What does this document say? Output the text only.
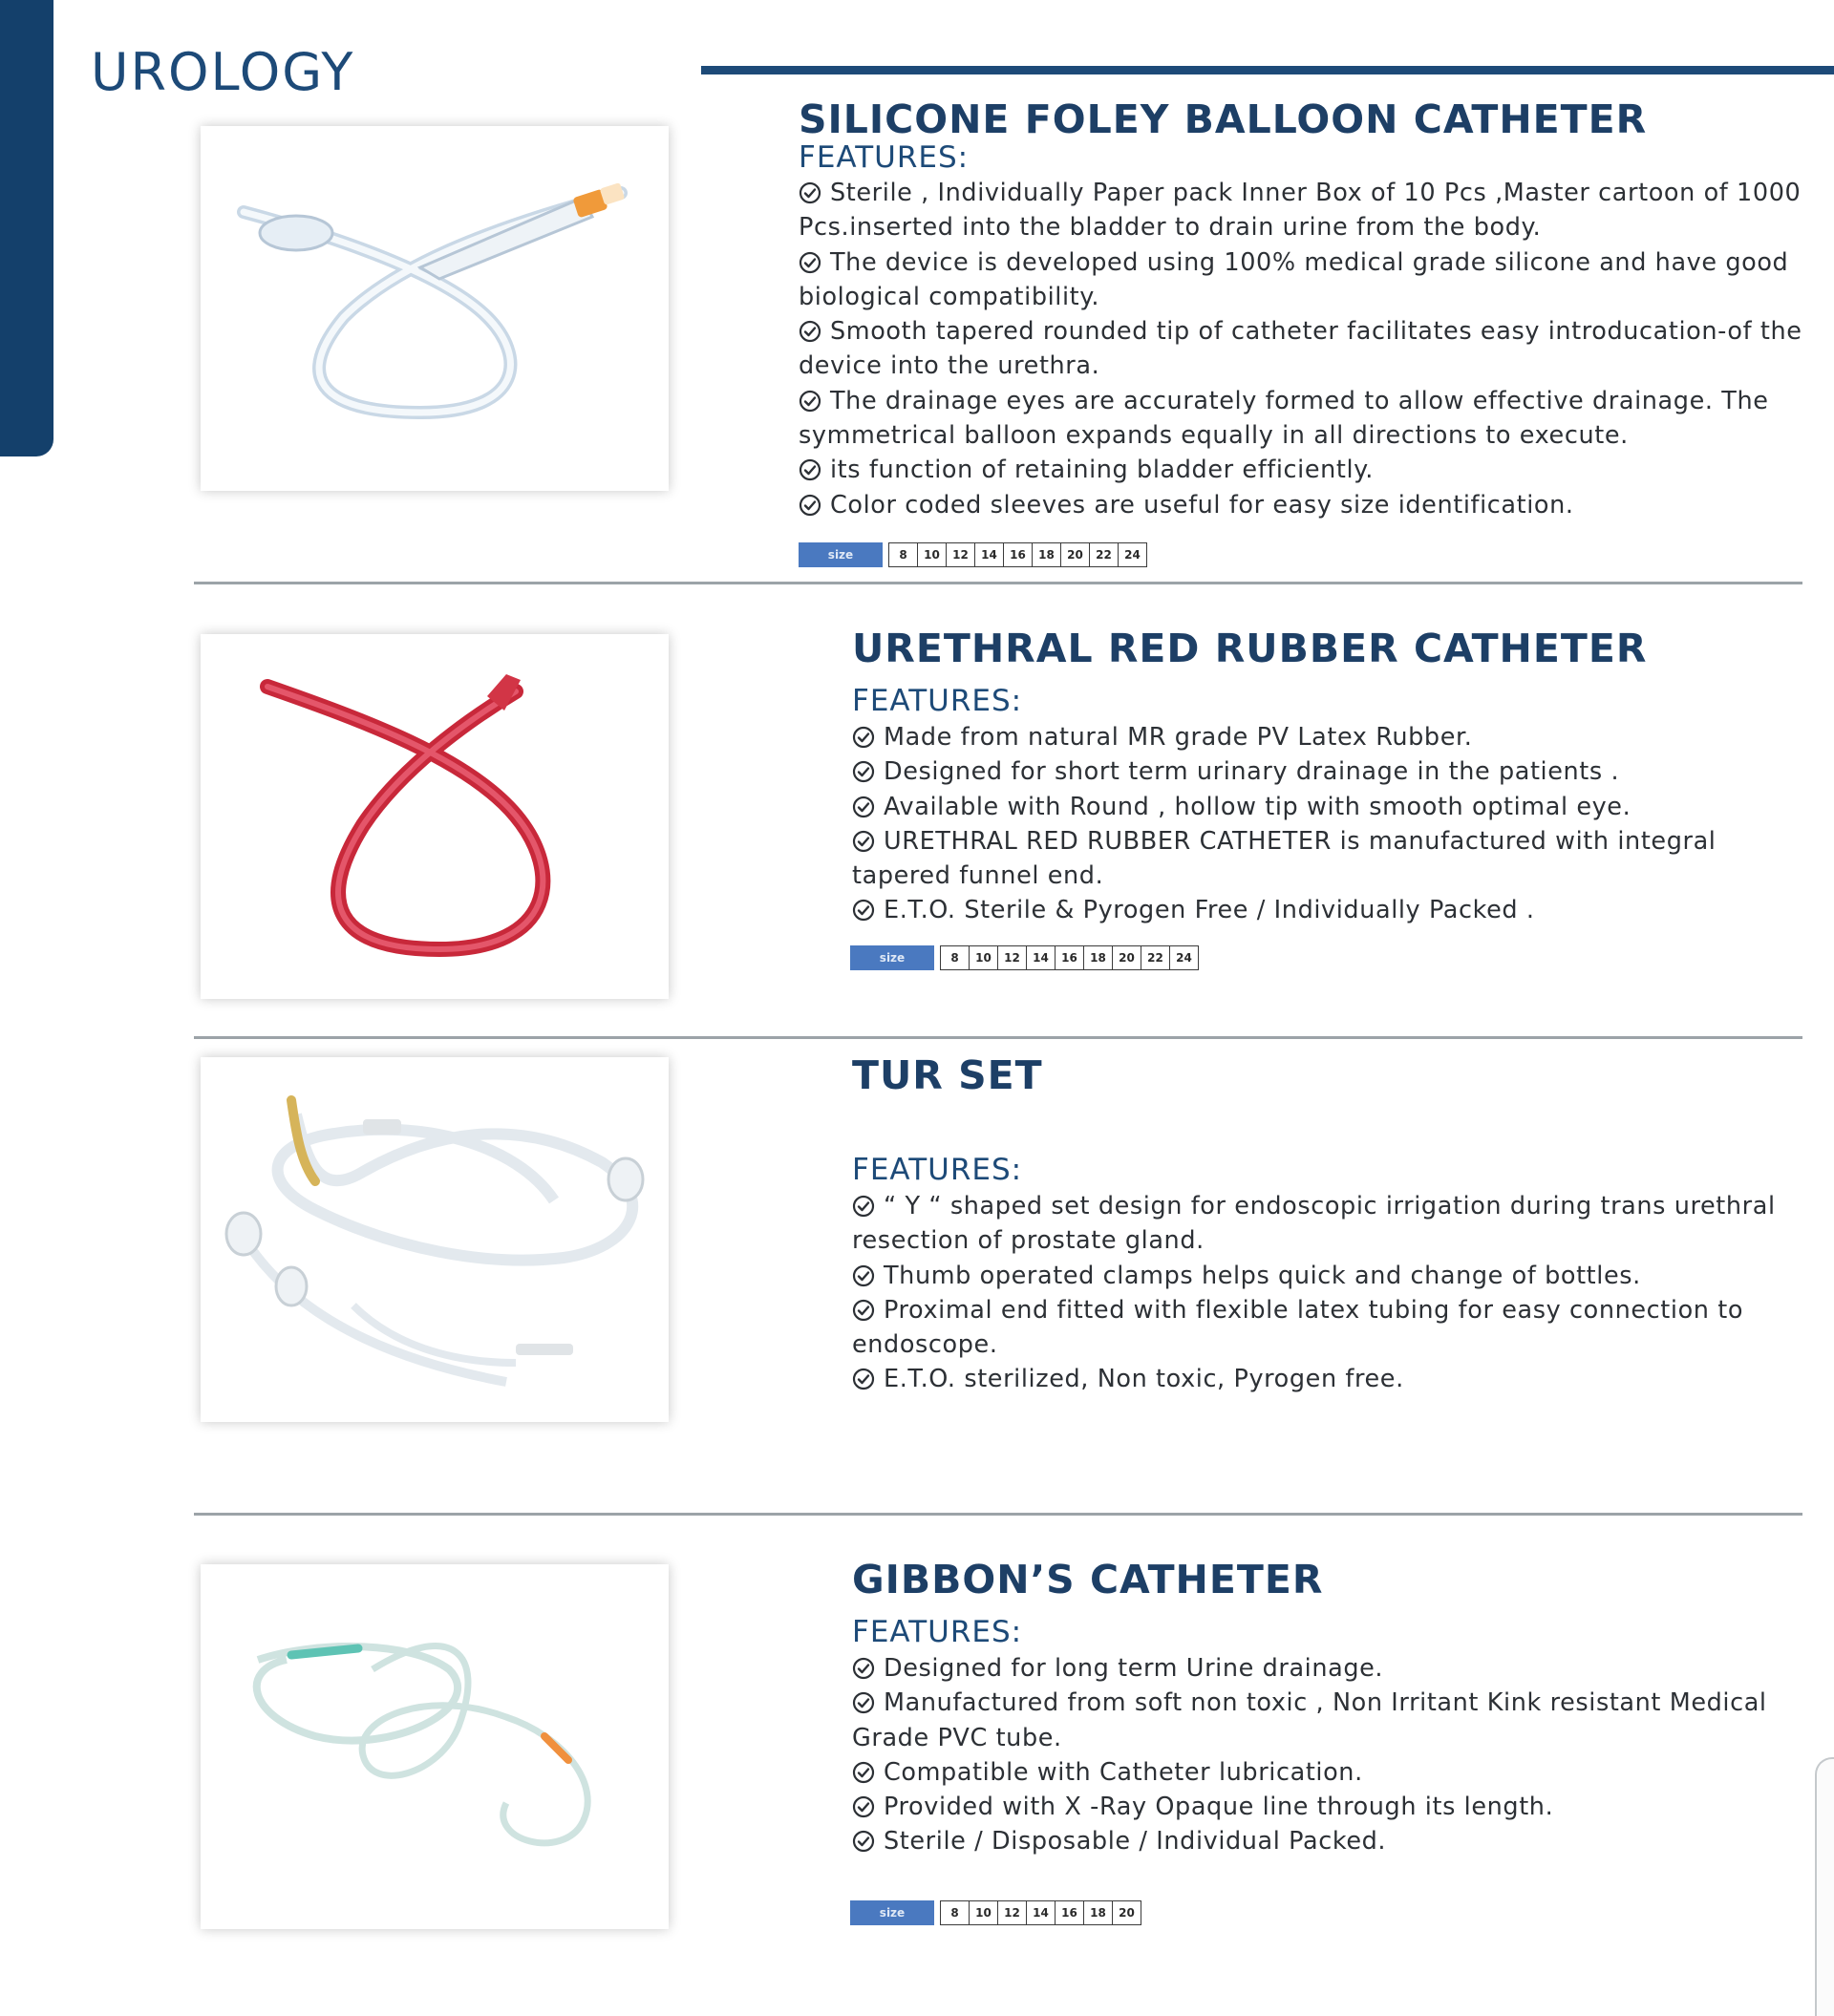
UROLOGY
SILICONE FOLEY BALLOON CATHETER
FEATURES:
Sterile , Individually Paper pack Inner Box of 10 Pcs ,Master cartoon of 1000 Pcs.inserted into the bladder to drain urine from the body.
The device is developed using 100% medical grade silicone and have good biological compatibility.
Smooth tapered rounded tip of catheter facilitates easy introducation-of the device into the urethra.
The drainage eyes are accurately formed to allow effective drainage. The symmetrical balloon expands equally in all directions to execute.
its function of retaining bladder efficiently.
Color coded sleeves are useful for easy size identification.
size	8	10	12	14	16	18	20	22	24
URETHRAL RED RUBBER CATHETER
FEATURES:
Made from natural MR grade PV Latex Rubber.
Designed for short term urinary drainage in the patients .
Available with Round , hollow tip with smooth optimal eye.
URETHRAL RED RUBBER CATHETER is manufactured with integral tapered funnel end.
E.T.O. Sterile & Pyrogen Free / Individually Packed .
size	8	10	12	14	16	18	20	22	24
TUR SET
FEATURES:
“ Y “ shaped set design for endoscopic irrigation during trans urethral resection of prostate gland.
Thumb operated clamps helps quick and change of bottles.
Proximal end fitted with flexible latex tubing for easy connection to endoscope.
E.T.O. sterilized, Non toxic, Pyrogen free.
GIBBON’S CATHETER
FEATURES:
Designed for long term Urine drainage.
Manufactured from soft non toxic , Non Irritant Kink resistant Medical Grade PVC tube.
Compatible with Catheter lubrication.
Provided with X -Ray Opaque line through its length.
Sterile / Disposable / Individual Packed.
size	8	10	12	14	16	18	20
